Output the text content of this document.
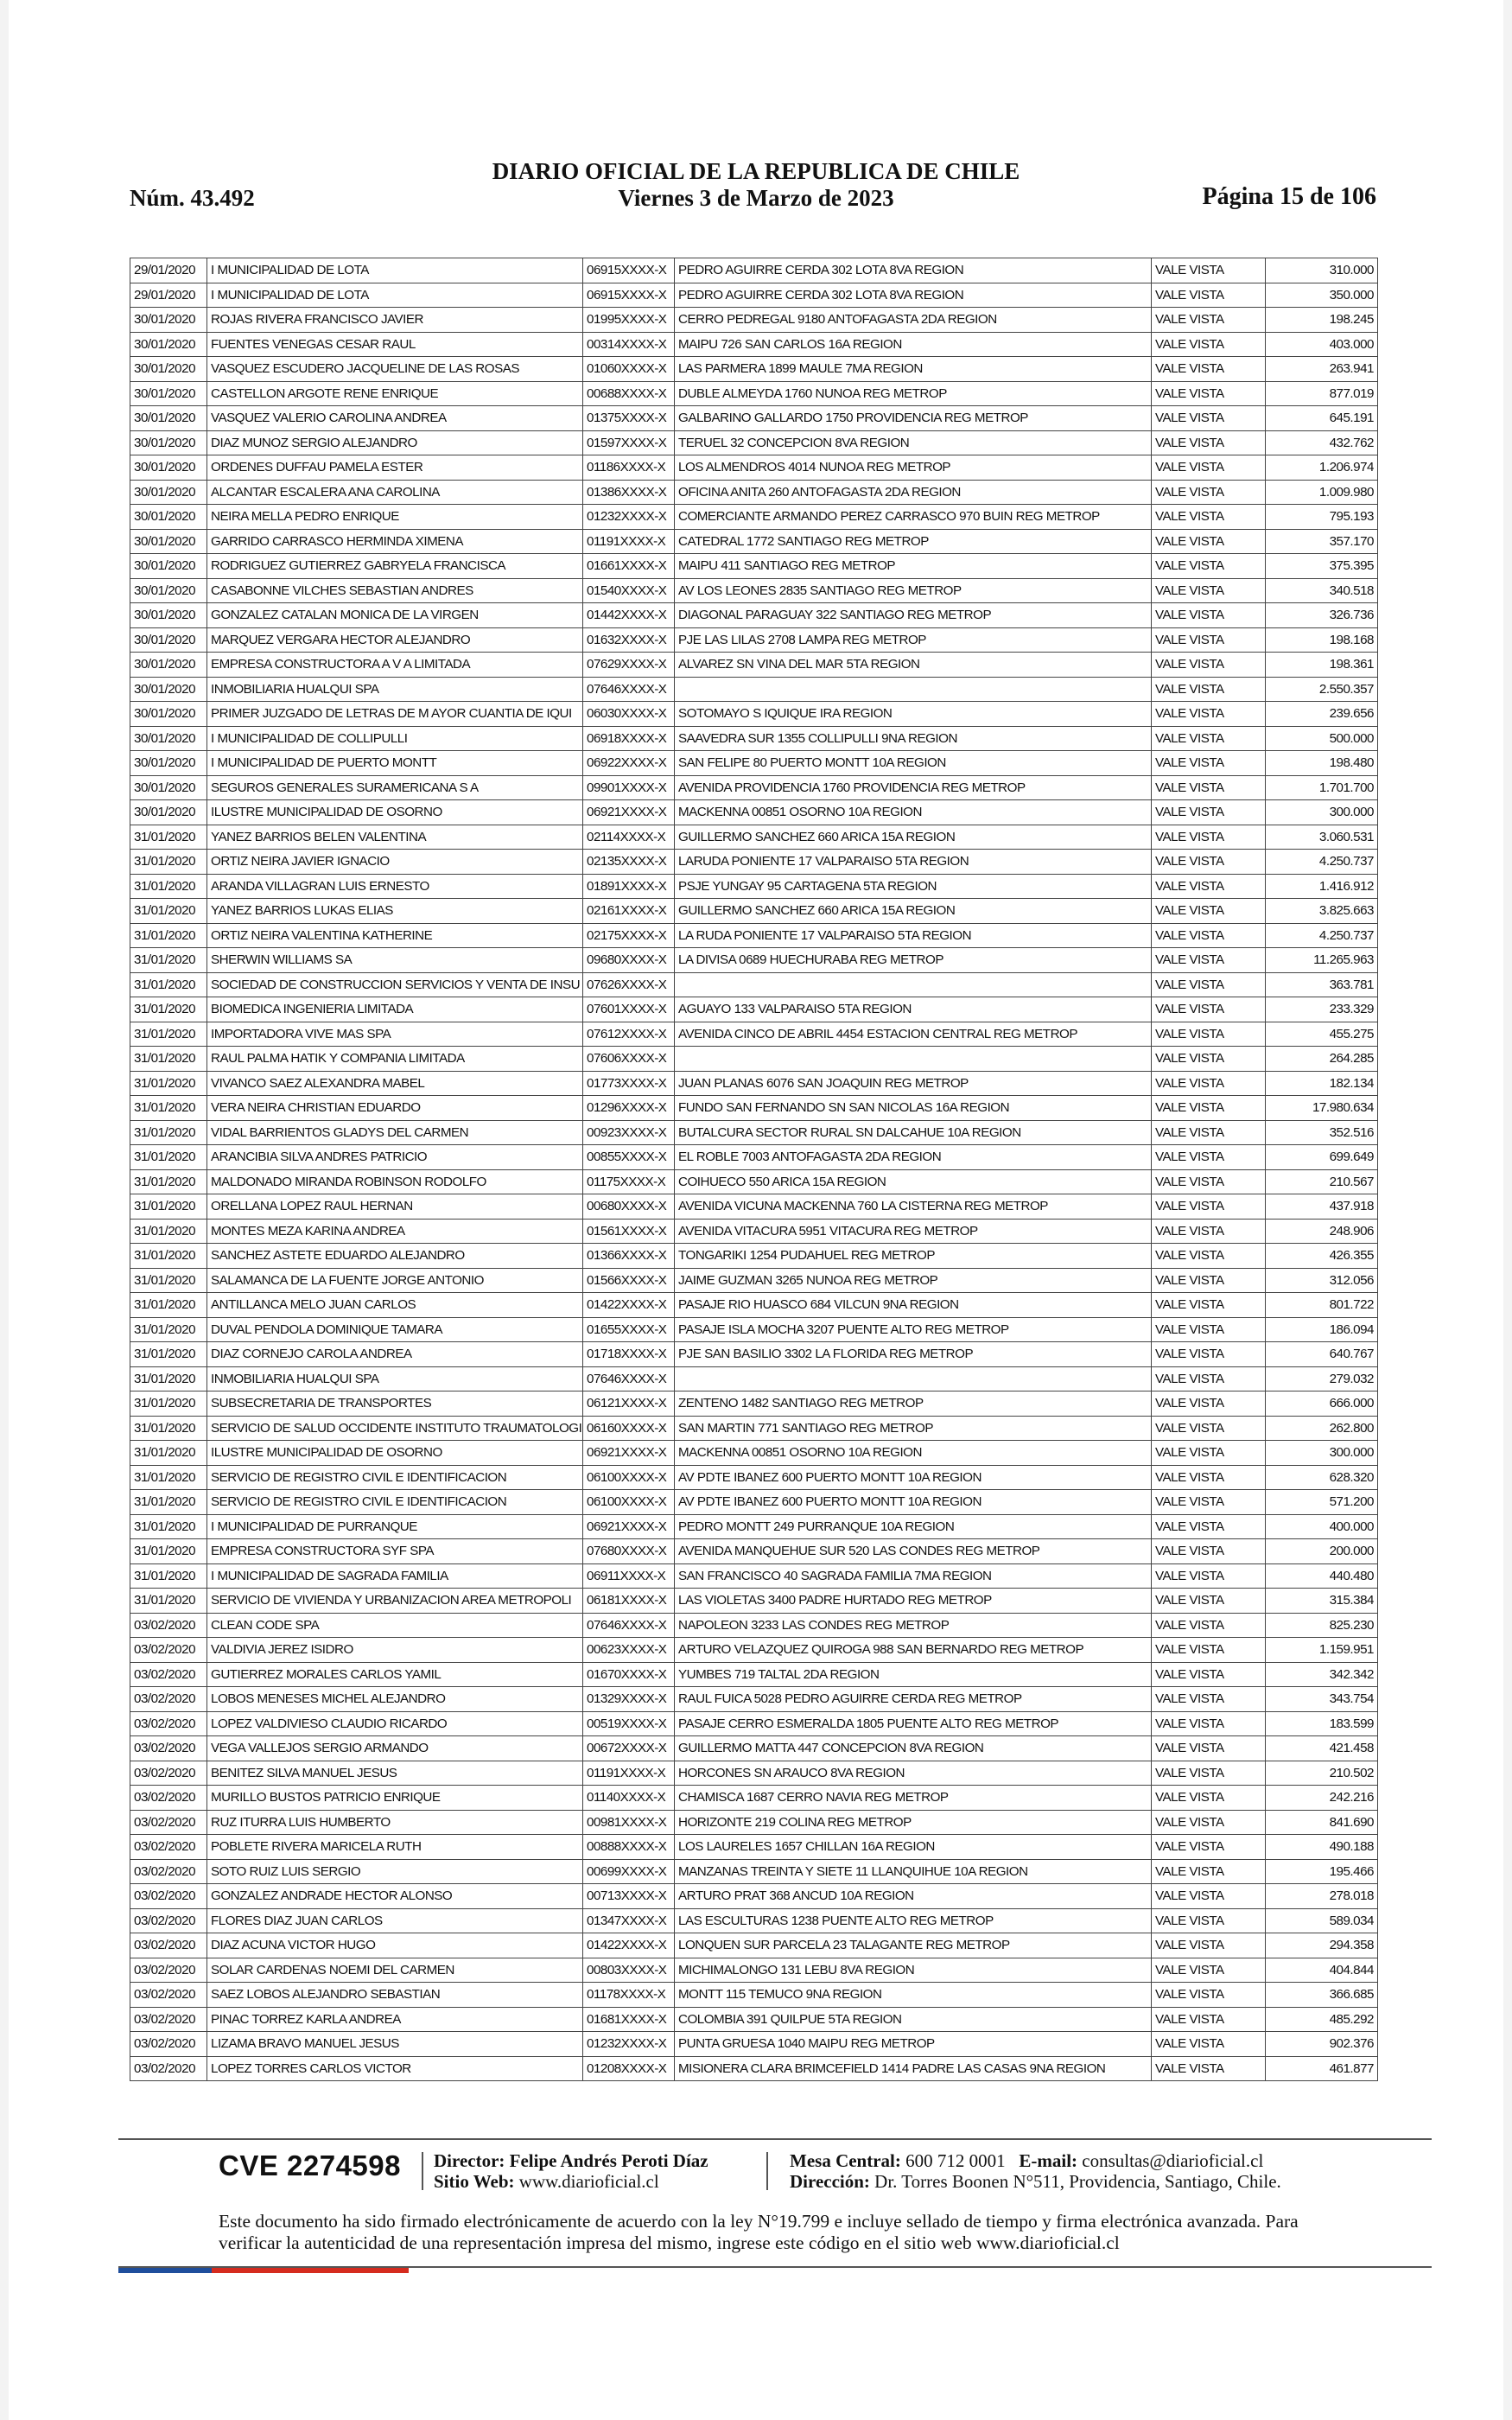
DIARIO OFICIAL DE LA REPUBLICA DE CHILE
Núm. 43.492	Viernes 3 de Marzo de 2023	Página 15 de 106
29/01/2020	I MUNICIPALIDAD DE LOTA	06915XXXX-X	PEDRO AGUIRRE CERDA 302 LOTA 8VA REGION	VALE VISTA	310.000
29/01/2020	I MUNICIPALIDAD DE LOTA	06915XXXX-X	PEDRO AGUIRRE CERDA 302 LOTA 8VA REGION	VALE VISTA	350.000
30/01/2020	ROJAS RIVERA FRANCISCO JAVIER	01995XXXX-X	CERRO PEDREGAL 9180 ANTOFAGASTA 2DA REGION	VALE VISTA	198.245
30/01/2020	FUENTES VENEGAS CESAR RAUL	00314XXXX-X	MAIPU 726 SAN CARLOS 16A REGION	VALE VISTA	403.000
30/01/2020	VASQUEZ ESCUDERO JACQUELINE DE LAS ROSAS	01060XXXX-X	LAS PARMERA 1899 MAULE 7MA REGION	VALE VISTA	263.941
30/01/2020	CASTELLON ARGOTE RENE ENRIQUE	00688XXXX-X	DUBLE ALMEYDA 1760 NUNOA REG METROP	VALE VISTA	877.019
30/01/2020	VASQUEZ VALERIO CAROLINA ANDREA	01375XXXX-X	GALBARINO GALLARDO 1750 PROVIDENCIA REG METROP	VALE VISTA	645.191
30/01/2020	DIAZ MUNOZ SERGIO ALEJANDRO	01597XXXX-X	TERUEL 32 CONCEPCION 8VA REGION	VALE VISTA	432.762
30/01/2020	ORDENES DUFFAU PAMELA ESTER	01186XXXX-X	LOS ALMENDROS 4014 NUNOA REG METROP	VALE VISTA	1.206.974
30/01/2020	ALCANTAR ESCALERA ANA CAROLINA	01386XXXX-X	OFICINA ANITA 260 ANTOFAGASTA 2DA REGION	VALE VISTA	1.009.980
30/01/2020	NEIRA MELLA PEDRO ENRIQUE	01232XXXX-X	COMERCIANTE ARMANDO PEREZ CARRASCO 970 BUIN REG METROP	VALE VISTA	795.193
30/01/2020	GARRIDO CARRASCO HERMINDA XIMENA	01191XXXX-X	CATEDRAL 1772 SANTIAGO REG METROP	VALE VISTA	357.170
30/01/2020	RODRIGUEZ GUTIERREZ GABRYELA FRANCISCA	01661XXXX-X	MAIPU 411 SANTIAGO REG METROP	VALE VISTA	375.395
30/01/2020	CASABONNE VILCHES SEBASTIAN ANDRES	01540XXXX-X	AV LOS LEONES 2835 SANTIAGO REG METROP	VALE VISTA	340.518
30/01/2020	GONZALEZ CATALAN MONICA DE LA VIRGEN	01442XXXX-X	DIAGONAL PARAGUAY 322 SANTIAGO REG METROP	VALE VISTA	326.736
30/01/2020	MARQUEZ VERGARA HECTOR ALEJANDRO	01632XXXX-X	PJE LAS LILAS 2708 LAMPA REG METROP	VALE VISTA	198.168
30/01/2020	EMPRESA CONSTRUCTORA A V A LIMITADA	07629XXXX-X	ALVAREZ SN VINA DEL MAR 5TA REGION	VALE VISTA	198.361
30/01/2020	INMOBILIARIA HUALQUI SPA	07646XXXX-X		VALE VISTA	2.550.357
30/01/2020	PRIMER JUZGADO DE LETRAS DE M AYOR CUANTIA DE IQUI	06030XXXX-X	SOTOMAYO S IQUIQUE IRA REGION	VALE VISTA	239.656
30/01/2020	I MUNICIPALIDAD DE COLLIPULLI	06918XXXX-X	SAAVEDRA SUR 1355 COLLIPULLI 9NA REGION	VALE VISTA	500.000
30/01/2020	I MUNICIPALIDAD DE PUERTO MONTT	06922XXXX-X	SAN FELIPE 80 PUERTO MONTT 10A REGION	VALE VISTA	198.480
30/01/2020	SEGUROS GENERALES SURAMERICANA S A	09901XXXX-X	AVENIDA PROVIDENCIA 1760 PROVIDENCIA REG METROP	VALE VISTA	1.701.700
30/01/2020	ILUSTRE MUNICIPALIDAD DE OSORNO	06921XXXX-X	MACKENNA 00851 OSORNO 10A REGION	VALE VISTA	300.000
31/01/2020	YANEZ BARRIOS BELEN VALENTINA	02114XXXX-X	GUILLERMO SANCHEZ 660 ARICA 15A REGION	VALE VISTA	3.060.531
31/01/2020	ORTIZ NEIRA JAVIER IGNACIO	02135XXXX-X	LARUDA PONIENTE 17 VALPARAISO 5TA REGION	VALE VISTA	4.250.737
31/01/2020	ARANDA VILLAGRAN LUIS ERNESTO	01891XXXX-X	PSJE YUNGAY 95 CARTAGENA 5TA REGION	VALE VISTA	1.416.912
31/01/2020	YANEZ BARRIOS LUKAS ELIAS	02161XXXX-X	GUILLERMO SANCHEZ 660 ARICA 15A REGION	VALE VISTA	3.825.663
31/01/2020	ORTIZ NEIRA VALENTINA KATHERINE	02175XXXX-X	LA RUDA PONIENTE 17 VALPARAISO 5TA REGION	VALE VISTA	4.250.737
31/01/2020	SHERWIN WILLIAMS SA	09680XXXX-X	LA DIVISA 0689 HUECHURABA REG METROP	VALE VISTA	11.265.963
31/01/2020	SOCIEDAD DE CONSTRUCCION SERVICIOS Y VENTA DE INSU	07626XXXX-X		VALE VISTA	363.781
31/01/2020	BIOMEDICA INGENIERIA LIMITADA	07601XXXX-X	AGUAYO 133 VALPARAISO 5TA REGION	VALE VISTA	233.329
31/01/2020	IMPORTADORA VIVE MAS SPA	07612XXXX-X	AVENIDA CINCO DE ABRIL 4454 ESTACION CENTRAL REG METROP	VALE VISTA	455.275
31/01/2020	RAUL PALMA HATIK Y COMPANIA LIMITADA	07606XXXX-X		VALE VISTA	264.285
31/01/2020	VIVANCO SAEZ ALEXANDRA MABEL	01773XXXX-X	JUAN PLANAS 6076 SAN JOAQUIN REG METROP	VALE VISTA	182.134
31/01/2020	VERA NEIRA CHRISTIAN EDUARDO	01296XXXX-X	FUNDO SAN FERNANDO SN SAN NICOLAS 16A REGION	VALE VISTA	17.980.634
31/01/2020	VIDAL BARRIENTOS GLADYS DEL CARMEN	00923XXXX-X	BUTALCURA SECTOR RURAL SN DALCAHUE 10A REGION	VALE VISTA	352.516
31/01/2020	ARANCIBIA SILVA ANDRES PATRICIO	00855XXXX-X	EL ROBLE 7003 ANTOFAGASTA 2DA REGION	VALE VISTA	699.649
31/01/2020	MALDONADO MIRANDA ROBINSON RODOLFO	01175XXXX-X	COIHUECO 550 ARICA 15A REGION	VALE VISTA	210.567
31/01/2020	ORELLANA LOPEZ RAUL HERNAN	00680XXXX-X	AVENIDA VICUNA MACKENNA 760 LA CISTERNA REG METROP	VALE VISTA	437.918
31/01/2020	MONTES MEZA KARINA ANDREA	01561XXXX-X	AVENIDA VITACURA 5951 VITACURA REG METROP	VALE VISTA	248.906
31/01/2020	SANCHEZ ASTETE EDUARDO ALEJANDRO	01366XXXX-X	TONGARIKI 1254 PUDAHUEL REG METROP	VALE VISTA	426.355
31/01/2020	SALAMANCA DE LA FUENTE JORGE ANTONIO	01566XXXX-X	JAIME GUZMAN 3265 NUNOA REG METROP	VALE VISTA	312.056
31/01/2020	ANTILLANCA MELO JUAN CARLOS	01422XXXX-X	PASAJE RIO HUASCO 684 VILCUN 9NA REGION	VALE VISTA	801.722
31/01/2020	DUVAL PENDOLA DOMINIQUE TAMARA	01655XXXX-X	PASAJE ISLA MOCHA 3207 PUENTE ALTO REG METROP	VALE VISTA	186.094
31/01/2020	DIAZ CORNEJO CAROLA ANDREA	01718XXXX-X	PJE SAN BASILIO 3302 LA FLORIDA REG METROP	VALE VISTA	640.767
31/01/2020	INMOBILIARIA HUALQUI SPA	07646XXXX-X		VALE VISTA	279.032
31/01/2020	SUBSECRETARIA DE TRANSPORTES	06121XXXX-X	ZENTENO 1482 SANTIAGO REG METROP	VALE VISTA	666.000
31/01/2020	SERVICIO DE SALUD OCCIDENTE INSTITUTO TRAUMATOLOGI	06160XXXX-X	SAN MARTIN 771 SANTIAGO REG METROP	VALE VISTA	262.800
31/01/2020	ILUSTRE MUNICIPALIDAD DE OSORNO	06921XXXX-X	MACKENNA 00851 OSORNO 10A REGION	VALE VISTA	300.000
31/01/2020	SERVICIO DE REGISTRO CIVIL E IDENTIFICACION	06100XXXX-X	AV PDTE IBANEZ 600 PUERTO MONTT 10A REGION	VALE VISTA	628.320
31/01/2020	SERVICIO DE REGISTRO CIVIL E IDENTIFICACION	06100XXXX-X	AV PDTE IBANEZ 600 PUERTO MONTT 10A REGION	VALE VISTA	571.200
31/01/2020	I MUNICIPALIDAD DE PURRANQUE	06921XXXX-X	PEDRO MONTT 249 PURRANQUE 10A REGION	VALE VISTA	400.000
31/01/2020	EMPRESA CONSTRUCTORA SYF SPA	07680XXXX-X	AVENIDA MANQUEHUE SUR 520 LAS CONDES REG METROP	VALE VISTA	200.000
31/01/2020	I MUNICIPALIDAD DE SAGRADA FAMILIA	06911XXXX-X	SAN FRANCISCO 40 SAGRADA FAMILIA 7MA REGION	VALE VISTA	440.480
31/01/2020	SERVICIO DE VIVIENDA Y URBANIZACION AREA METROPOLI	06181XXXX-X	LAS VIOLETAS 3400 PADRE HURTADO REG METROP	VALE VISTA	315.384
03/02/2020	CLEAN CODE SPA	07646XXXX-X	NAPOLEON 3233 LAS CONDES REG METROP	VALE VISTA	825.230
03/02/2020	VALDIVIA JEREZ ISIDRO	00623XXXX-X	ARTURO VELAZQUEZ QUIROGA 988 SAN BERNARDO REG METROP	VALE VISTA	1.159.951
03/02/2020	GUTIERREZ MORALES CARLOS YAMIL	01670XXXX-X	YUMBES 719 TALTAL 2DA REGION	VALE VISTA	342.342
03/02/2020	LOBOS MENESES MICHEL ALEJANDRO	01329XXXX-X	RAUL FUICA 5028 PEDRO AGUIRRE CERDA REG METROP	VALE VISTA	343.754
03/02/2020	LOPEZ VALDIVIESO CLAUDIO RICARDO	00519XXXX-X	PASAJE CERRO ESMERALDA 1805 PUENTE ALTO REG METROP	VALE VISTA	183.599
03/02/2020	VEGA VALLEJOS SERGIO ARMANDO	00672XXXX-X	GUILLERMO MATTA 447 CONCEPCION 8VA REGION	VALE VISTA	421.458
03/02/2020	BENITEZ SILVA MANUEL JESUS	01191XXXX-X	HORCONES SN ARAUCO 8VA REGION	VALE VISTA	210.502
03/02/2020	MURILLO BUSTOS PATRICIO ENRIQUE	01140XXXX-X	CHAMISCA 1687 CERRO NAVIA REG METROP	VALE VISTA	242.216
03/02/2020	RUZ ITURRA LUIS HUMBERTO	00981XXXX-X	HORIZONTE 219 COLINA REG METROP	VALE VISTA	841.690
03/02/2020	POBLETE RIVERA MARICELA RUTH	00888XXXX-X	LOS LAURELES 1657 CHILLAN 16A REGION	VALE VISTA	490.188
03/02/2020	SOTO RUIZ LUIS SERGIO	00699XXXX-X	MANZANAS TREINTA Y SIETE 11 LLANQUIHUE 10A REGION	VALE VISTA	195.466
03/02/2020	GONZALEZ ANDRADE HECTOR ALONSO	00713XXXX-X	ARTURO PRAT 368 ANCUD 10A REGION	VALE VISTA	278.018
03/02/2020	FLORES DIAZ JUAN CARLOS	01347XXXX-X	LAS ESCULTURAS 1238 PUENTE ALTO REG METROP	VALE VISTA	589.034
03/02/2020	DIAZ ACUNA VICTOR HUGO	01422XXXX-X	LONQUEN SUR PARCELA 23 TALAGANTE REG METROP	VALE VISTA	294.358
03/02/2020	SOLAR CARDENAS NOEMI DEL CARMEN	00803XXXX-X	MICHIMALONGO 131 LEBU 8VA REGION	VALE VISTA	404.844
03/02/2020	SAEZ LOBOS ALEJANDRO SEBASTIAN	01178XXXX-X	MONTT 115 TEMUCO 9NA REGION	VALE VISTA	366.685
03/02/2020	PINAC TORREZ KARLA ANDREA	01681XXXX-X	COLOMBIA 391 QUILPUE 5TA REGION	VALE VISTA	485.292
03/02/2020	LIZAMA BRAVO MANUEL JESUS	01232XXXX-X	PUNTA GRUESA 1040 MAIPU REG METROP	VALE VISTA	902.376
03/02/2020	LOPEZ TORRES CARLOS VICTOR	01208XXXX-X	MISIONERA CLARA BRIMCEFIELD 1414 PADRE LAS CASAS 9NA REGION	VALE VISTA	461.877
CVE 2274598 Director: Felipe Andrés Peroti Díaz
Sitio Web: www.diarioficial.cl
Mesa Central: 600 712 0001 E-mail: consultas@diarioficial.cl
Dirección: Dr. Torres Boonen N°511, Providencia, Santiago, Chile.
Este documento ha sido firmado electrónicamente de acuerdo con la ley N°19.799 e incluye sellado de tiempo y firma electrónica avanzada. Para verificar la autenticidad de una representación impresa del mismo, ingrese este código en el sitio web www.diarioficial.cl
